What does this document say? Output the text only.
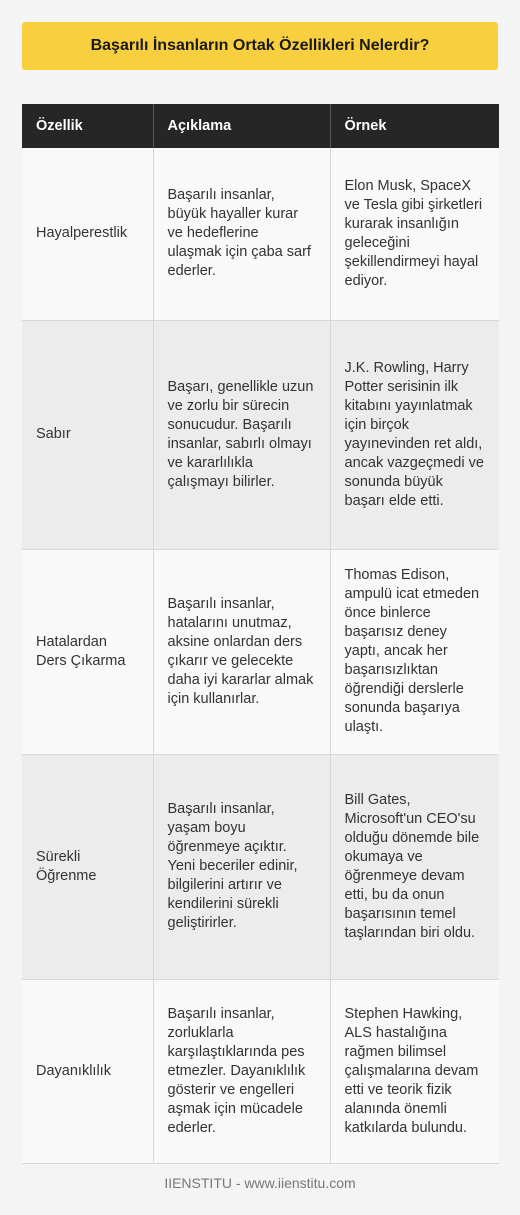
Başarılı İnsanların Ortak Özellikleri Nelerdir?
Özellik	Açıklama	Örnek
Hayalperestlik	Başarılı insanlar, büyük hayaller kurar ve hedeflerine ulaşmak için çaba sarf ederler.	Elon Musk, SpaceX ve Tesla gibi şirketleri kurarak insanlığın geleceğini şekillendirmeyi hayal ediyor.
Sabır	Başarı, genellikle uzun ve zorlu bir sürecin sonucudur. Başarılı insanlar, sabırlı olmayı ve kararlılıkla çalışmayı bilirler.	J.K. Rowling, Harry Potter serisinin ilk kitabını yayınlatmak için birçok yayınevinden ret aldı, ancak vazgeçmedi ve sonunda büyük başarı elde etti.
Hatalardan Ders Çıkarma	Başarılı insanlar, hatalarını unutmaz, aksine onlardan ders çıkarır ve gelecekte daha iyi kararlar almak için kullanırlar.	Thomas Edison, ampulü icat etmeden önce binlerce başarısız deney yaptı, ancak her başarısızlıktan öğrendiği derslerle sonunda başarıya ulaştı.
Sürekli Öğrenme	Başarılı insanlar, yaşam boyu öğrenmeye açıktır. Yeni beceriler edinir, bilgilerini artırır ve kendilerini sürekli geliştirirler.	Bill Gates, Microsoft'un CEO'su olduğu dönemde bile okumaya ve öğrenmeye devam etti, bu da onun başarısının temel taşlarından biri oldu.
Dayanıklılık	Başarılı insanlar, zorluklarla karşılaştıklarında pes etmezler. Dayanıklılık gösterir ve engelleri aşmak için mücadele ederler.	Stephen Hawking, ALS hastalığına rağmen bilimsel çalışmalarına devam etti ve teorik fizik alanında önemli katkılarda bulundu.
IIENSTITU - www.iienstitu.com
